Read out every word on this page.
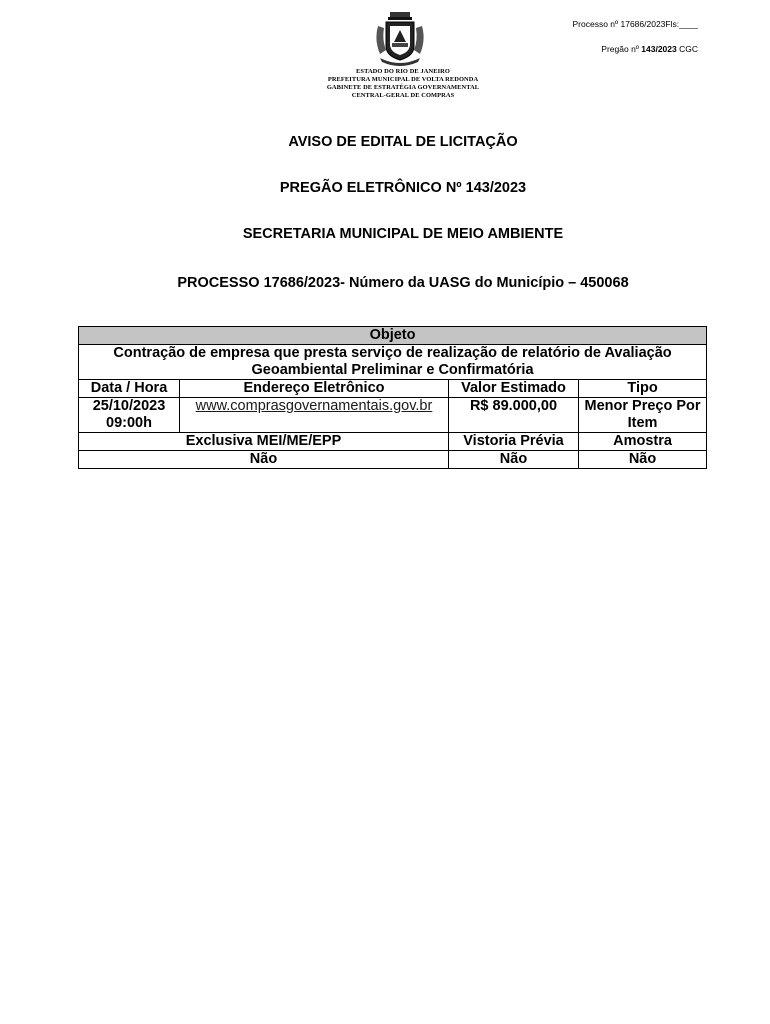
Processo nº 17686/2023Fls:____
Pregão nº 143/2023 CGC
ESTADO DO RIO DE JANEIRO
PREFEITURA MUNICIPAL DE VOLTA REDONDA
GABINETE DE ESTRATÉGIA GOVERNAMENTAL
CENTRAL-GERAL DE COMPRAS
AVISO DE EDITAL DE LICITAÇÃO
PREGÃO ELETRÔNICO Nº 143/2023
SECRETARIA MUNICIPAL DE MEIO AMBIENTE
PROCESSO 17686/2023- Número da UASG do Município – 450068
Objeto			
Contração de empresa que presta serviço de realização de relatório de Avaliação Geoambiental Preliminar e Confirmatória			
Data / Hora	Endereço Eletrônico	Valor Estimado	Tipo
25/10/2023 09:00h	www.comprasgovernamentais.gov.br	R$ 89.000,00	Menor Preço Por Item
Exclusiva MEI/ME/EPP		Vistoria Prévia	Amostra
Não		Não	Não
